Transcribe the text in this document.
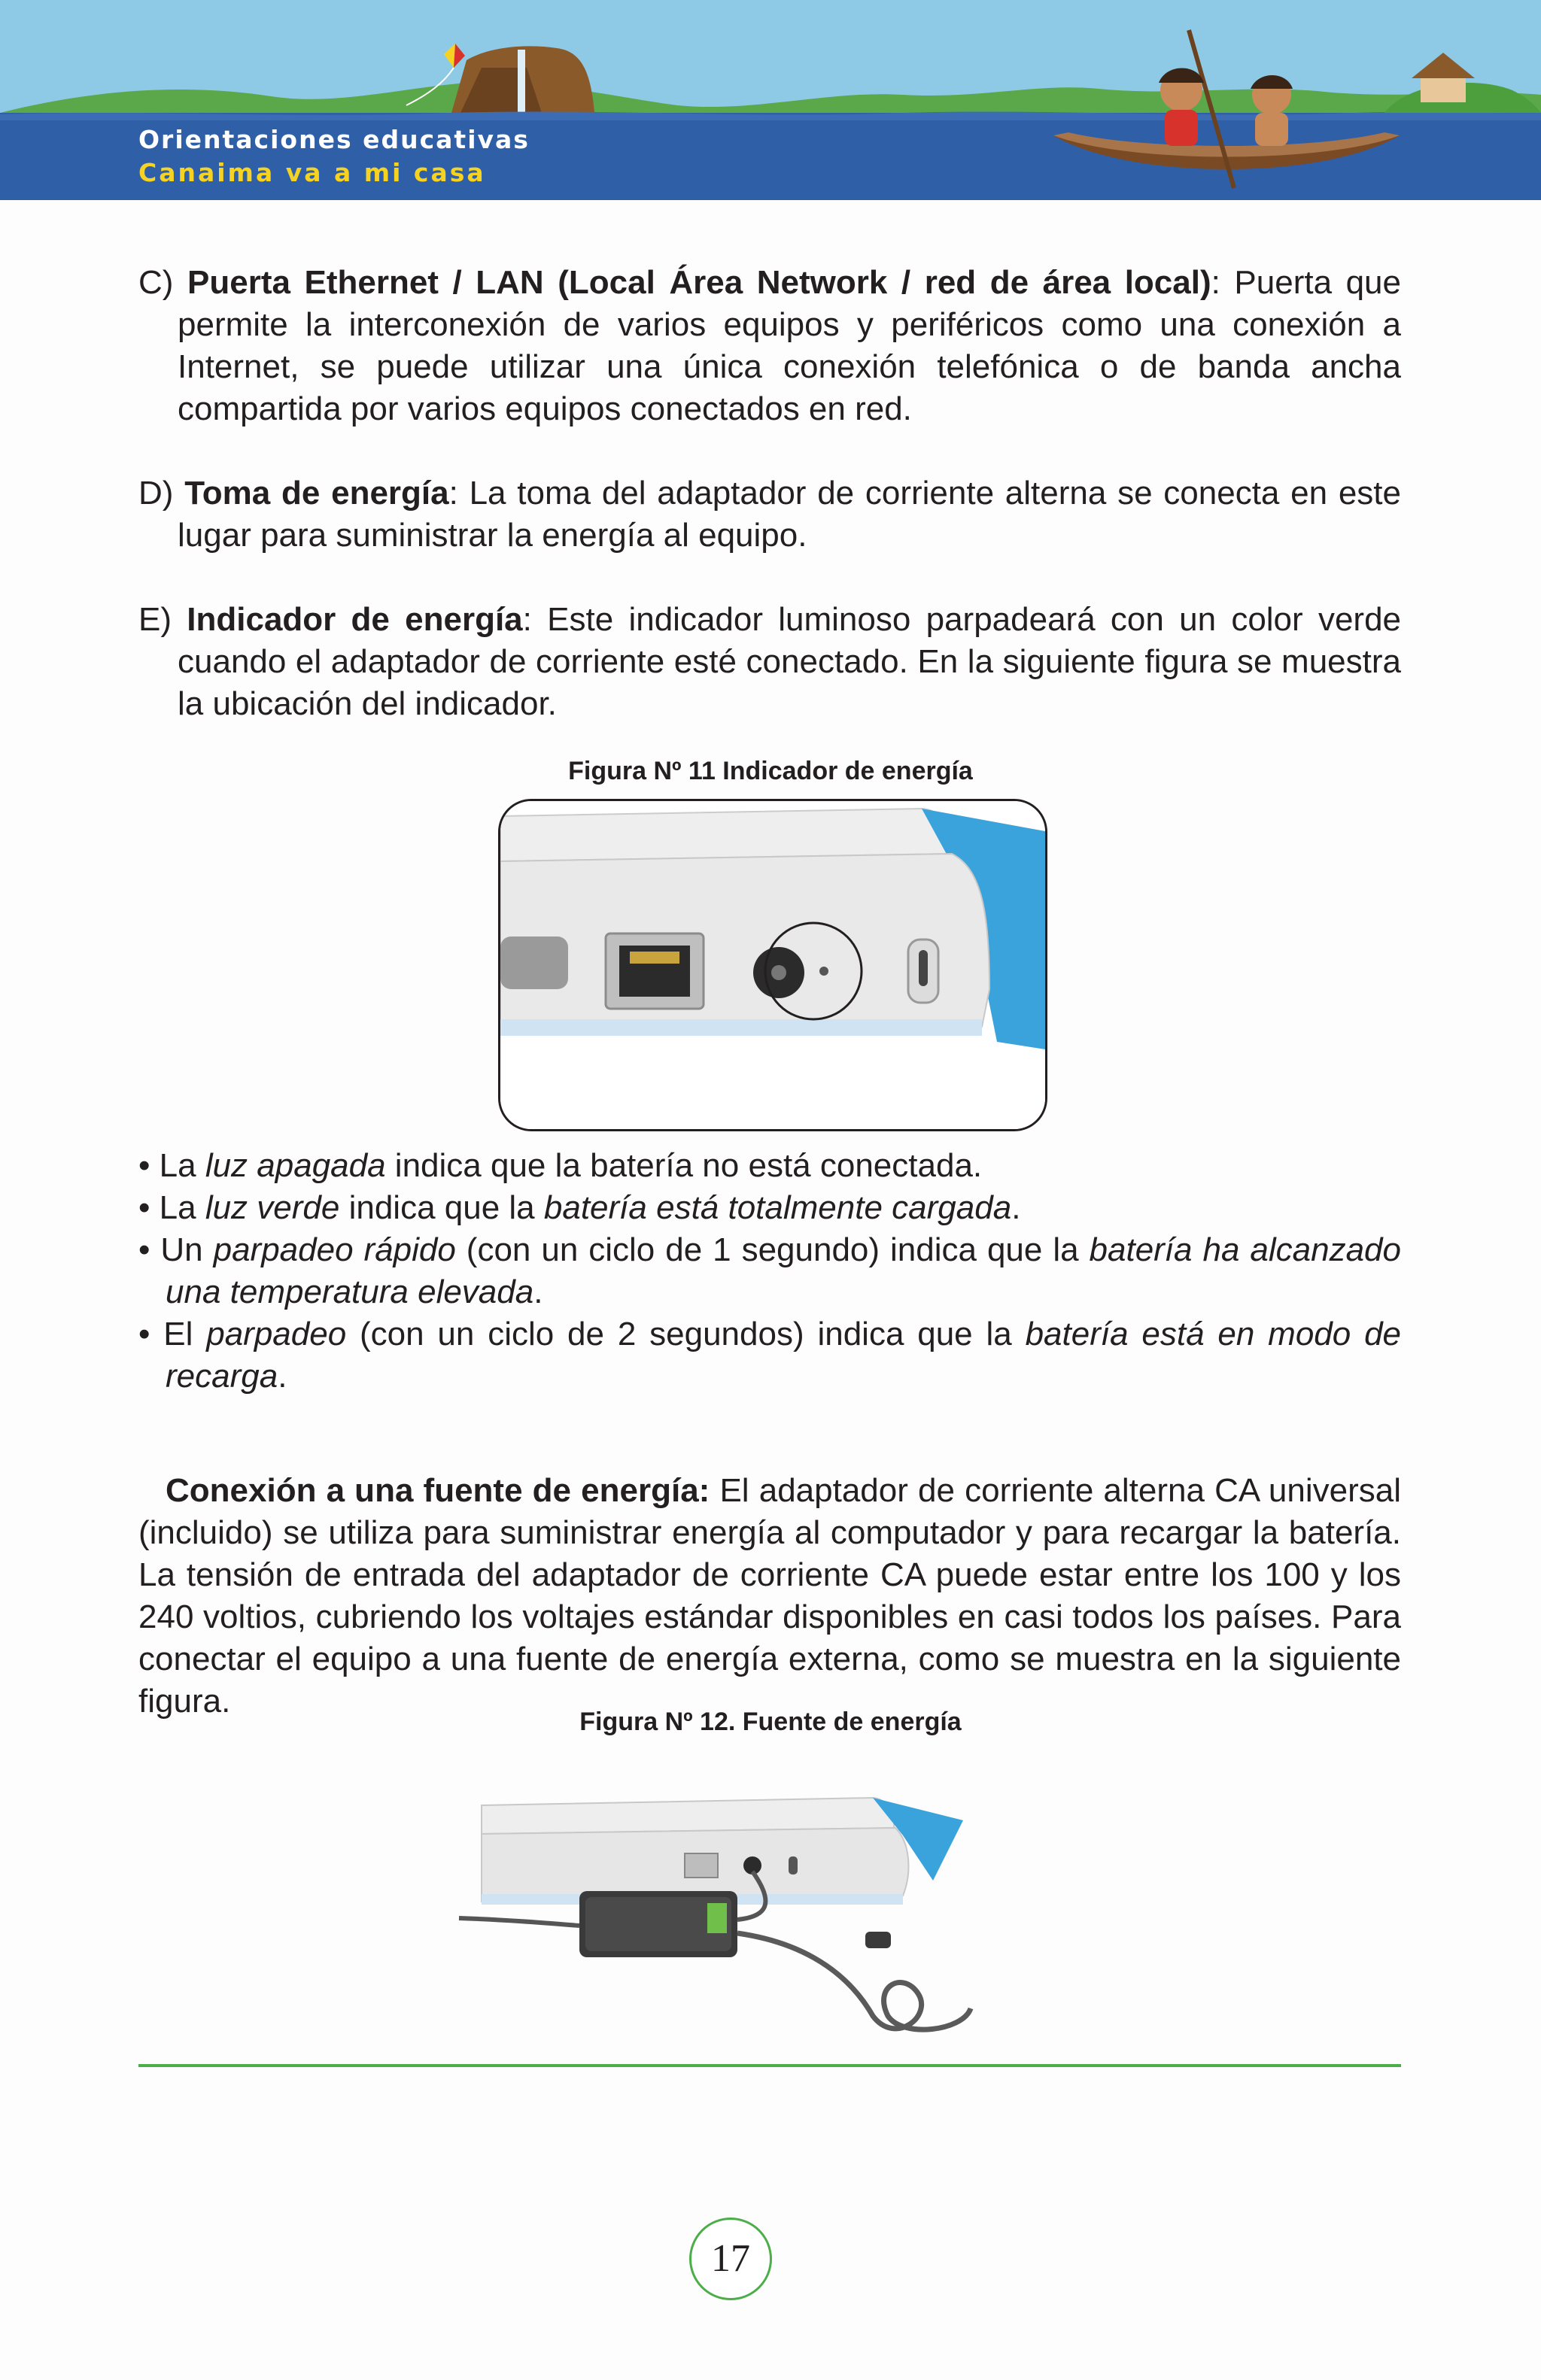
Orientaciones educativas
Canaima va a mi casa

C) Puerta Ethernet / LAN (Local Área Network / red de área local): Puerta que permite la interconexión de varios equipos y periféricos como una conexión a Internet, se puede utilizar una única conexión telefónica o de banda ancha compartida por varios equipos conectados en red.

D) Toma de energía: La toma del adaptador de corriente alterna se conecta en este lugar para suministrar la energía al equipo.

E) Indicador de energía: Este indicador luminoso parpadeará con un color verde cuando el adaptador de corriente esté conectado. En la siguiente figura se muestra la ubicación del indicador.

Figura Nº 11 Indicador de energía
• La luz apagada indica que la batería no está conectada.
• La luz verde indica que la batería está totalmente cargada.
• Un parpadeo rápido (con un ciclo de 1 segundo) indica que la batería ha alcanzado una temperatura elevada.
• El parpadeo (con un ciclo de 2 segundos) indica que la batería está en modo de recarga.

Conexión a una fuente de energía: El adaptador de corriente alterna CA universal (incluido) se utiliza para suministrar energía al computador y para recargar la batería. La tensión de entrada del adaptador de corriente CA puede estar entre los 100 y los 240 voltios, cubriendo los voltajes estándar disponibles en casi todos los países. Para conectar el equipo a una fuente de energía externa, como se muestra en la siguiente figura.

Figura Nº 12. Fuente de energía
17
